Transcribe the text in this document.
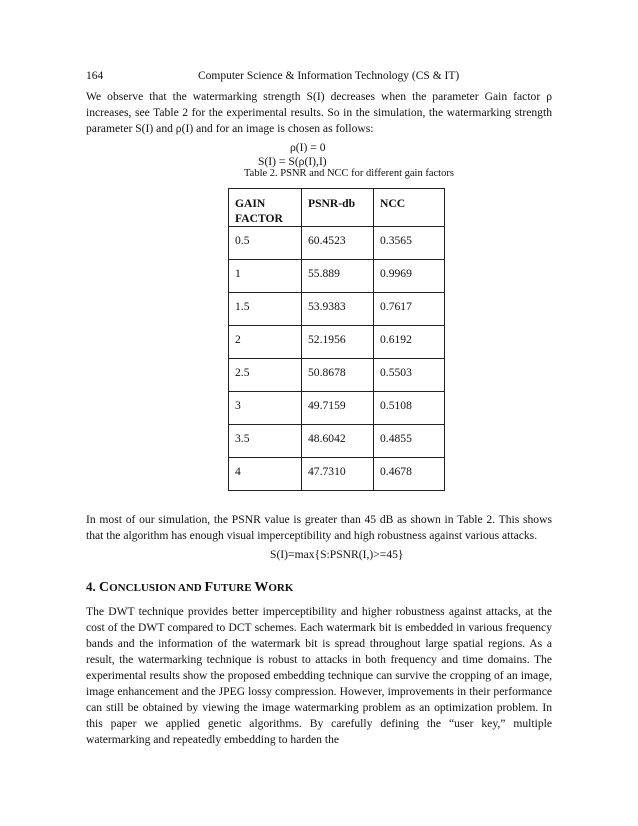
164	Computer Science & Information Technology (CS & IT)

We observe that the watermarking strength S(I) decreases when the parameter Gain factor ρ increases, see Table 2 for the experimental results. So in the simulation, the watermarking strength parameter S(I) and ρ(I) and for an image is chosen as follows:

ρ(I) = 0
S(I) = S(ρ(I),I)
Table 2. PSNR and NCC for different gain factors
GAIN FACTOR	PSNR-db	NCC
0.5	60.4523	0.3565
1	55.889	0.9969
1.5	53.9383	0.7617
2	52.1956	0.6192
2.5	50.8678	0.5503
3	49.7159	0.5108
3.5	48.6042	0.4855
4	47.7310	0.4678

In most of our simulation, the PSNR value is greater than 45 dB as shown in Table 2. This shows that the algorithm has enough visual imperceptibility and high robustness against various attacks.

S(I)=max{S:PSNR(I,)>=45}
4. CONCLUSION AND FUTURE WORK

The DWT technique provides better imperceptibility and higher robustness against attacks, at the cost of the DWT compared to DCT schemes. Each watermark bit is embedded in various frequency bands and the information of the watermark bit is spread throughout large spatial regions. As a result, the watermarking technique is robust to attacks in both frequency and time domains. The experimental results show the proposed embedding technique can survive the cropping of an image, image enhancement and the JPEG lossy compression. However, improvements in their performance can still be obtained by viewing the image watermarking problem as an optimization problem. In this paper we applied genetic algorithms. By carefully defining the “user key,” multiple watermarking and repeatedly embedding to harden the
